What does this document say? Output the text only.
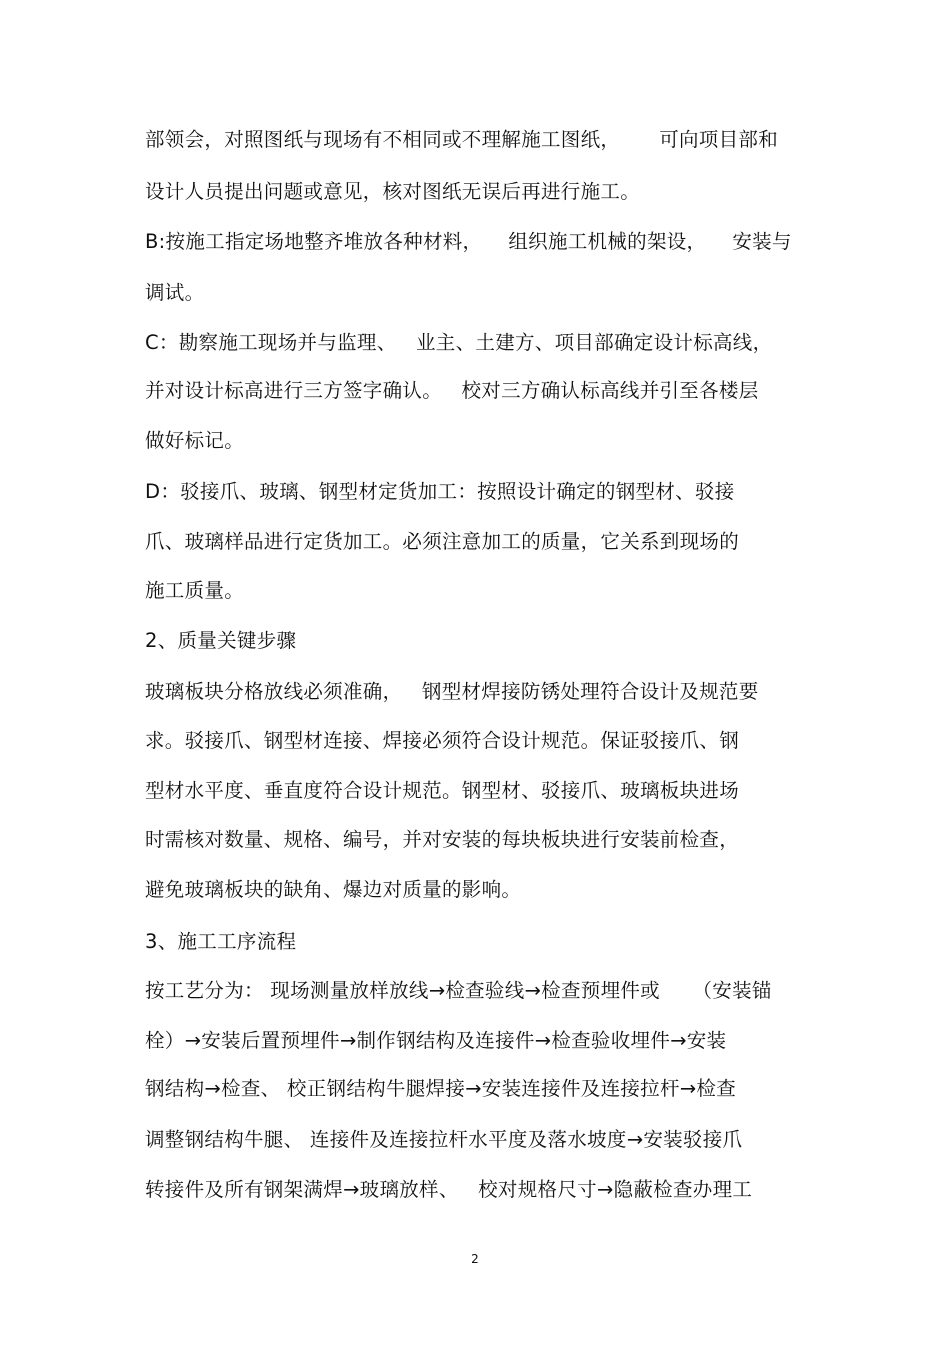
部领会，对照图纸与现场有不相同或不理解施工图纸，      可向项目部和
设计人员提出问题或意见，核对图纸无误后再进行施工。
B:按施工指定场地整齐堆放各种材料，    组织施工机械的架设，    安装与
调试。
C：勘察施工现场并与监理、   业主、土建方、项目部确定设计标高线，
并对设计标高进行三方签字确认。   校对三方确认标高线并引至各楼层
做好标记。
D：驳接爪、玻璃、钢型材定货加工：按照设计确定的钢型材、驳接
爪、玻璃样品进行定货加工。必须注意加工的质量，它关系到现场的
施工质量。
2、质量关键步骤
玻璃板块分格放线必须准确，   钢型材焊接防锈处理符合设计及规范要
求。驳接爪、钢型材连接、焊接必须符合设计规范。保证驳接爪、钢
型材水平度、垂直度符合设计规范。钢型材、驳接爪、玻璃板块进场
时需核对数量、规格、编号，并对安装的每块板块进行安装前检查，
避免玻璃板块的缺角、爆边对质量的影响。
3、施工工序流程
按工艺分为： 现场测量放样放线→检查验线→检查预埋件或     （安装锚
栓）→安装后置预埋件→制作钢结构及连接件→检查验收埋件→安装
钢结构→检查、 校正钢结构牛腿焊接→安装连接件及连接拉杆→检查
调整钢结构牛腿、 连接件及连接拉杆水平度及落水坡度→安装驳接爪
转接件及所有钢架满焊→玻璃放样、   校对规格尺寸→隐蔽检查办理工
2
